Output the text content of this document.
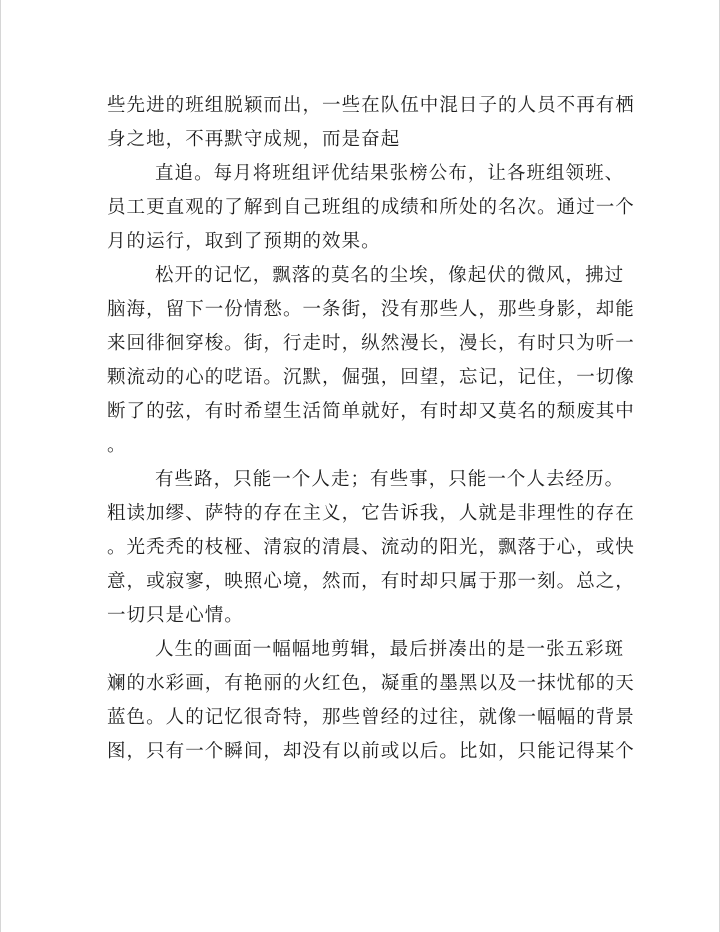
些先进的班组脱颖而出，一些在队伍中混日子的人员不再有栖
身之地，不再默守成规，而是奋起
直追。每月将班组评优结果张榜公布，让各班组领班、
员工更直观的了解到自己班组的成绩和所处的名次。通过一个
月的运行，取到了预期的效果。
松开的记忆，飘落的莫名的尘埃，像起伏的微风，拂过
脑海，留下一份情愁。一条街，没有那些人，那些身影，却能
来回徘徊穿梭。街，行走时，纵然漫长，漫长，有时只为听一
颗流动的心的呓语。沉默，倔强，回望，忘记，记住，一切像
断了的弦，有时希望生活简单就好，有时却又莫名的颓废其中
。
有些路，只能一个人走；有些事，只能一个人去经历。
粗读加缪、萨特的存在主义，它告诉我，人就是非理性的存在
。光秃秃的枝桠、清寂的清晨、流动的阳光，飘落于心，或快
意，或寂寥，映照心境，然而，有时却只属于那一刻。总之，
一切只是心情。
人生的画面一幅幅地剪辑，最后拼凑出的是一张五彩斑
斓的水彩画，有艳丽的火红色，凝重的墨黑以及一抹忧郁的天
蓝色。人的记忆很奇特，那些曾经的过往，就像一幅幅的背景
图，只有一个瞬间，却没有以前或以后。比如，只能记得某个
